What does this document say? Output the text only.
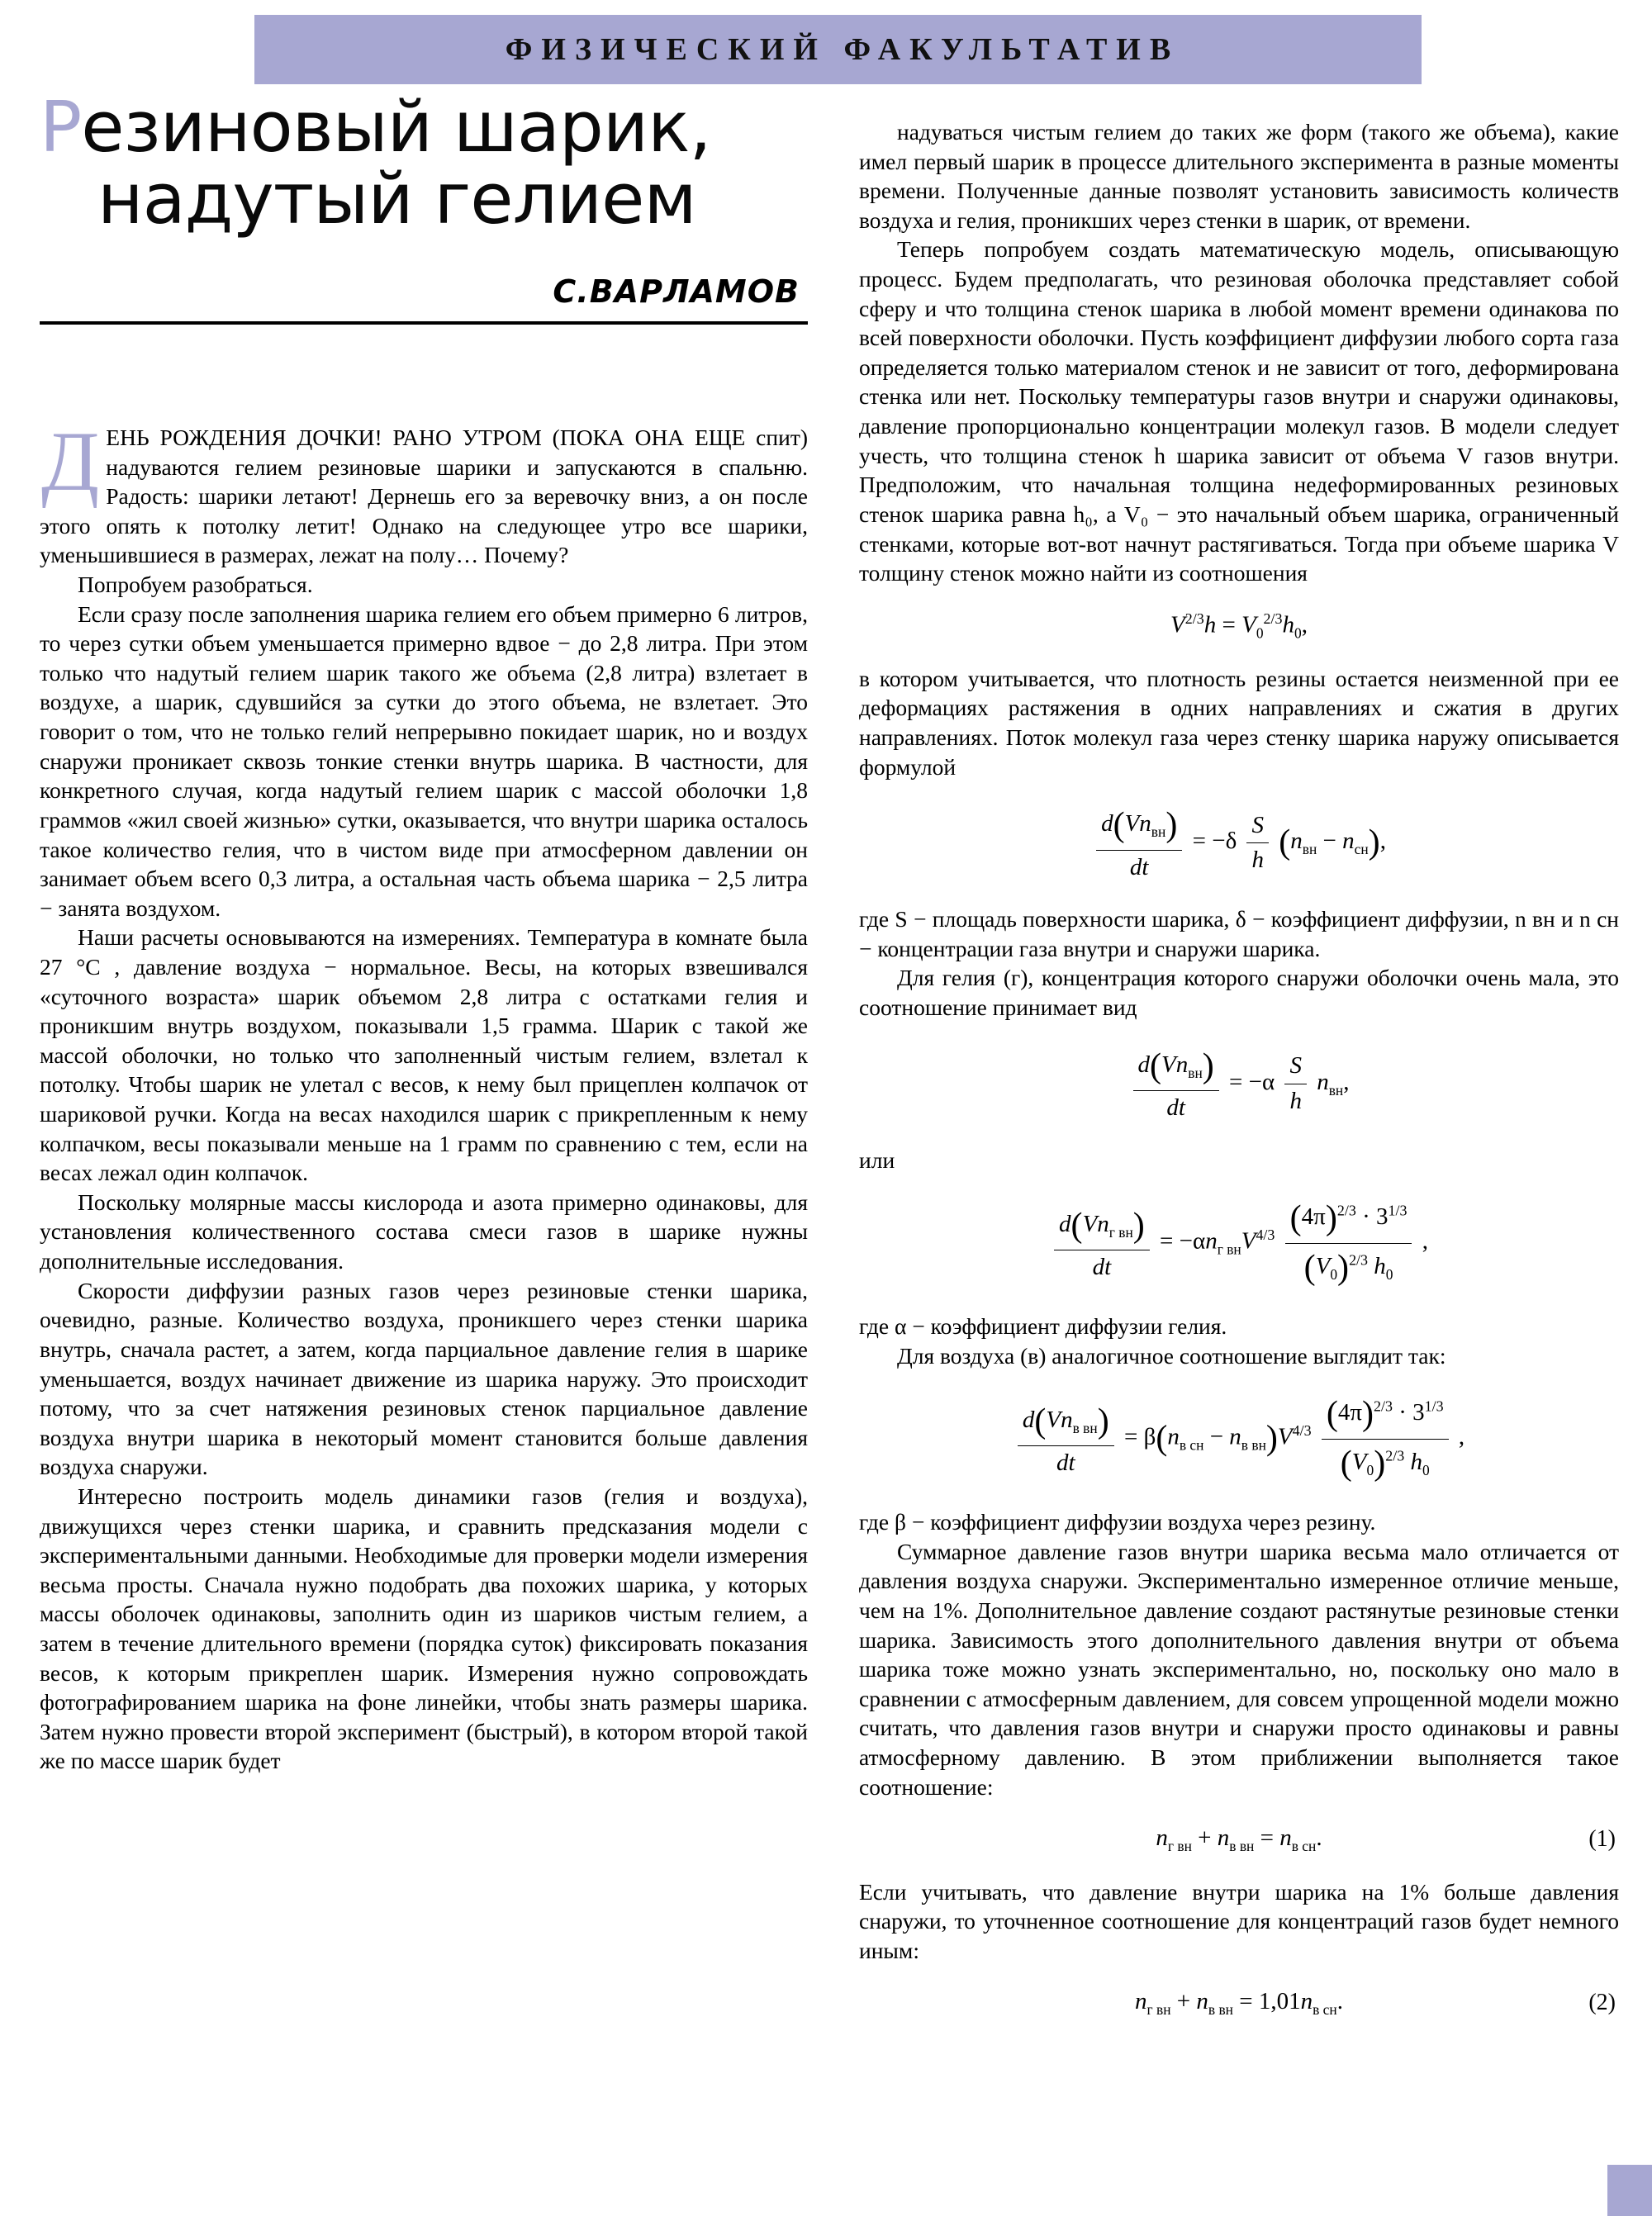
ФИЗИЧЕСКИЙ ФАКУЛЬТАТИВ
Резиновый шарик,
надутый гелием
С.ВАРЛАМОВ

ДЕНЬ РОЖДЕНИЯ ДОЧКИ! РАНО УТРОМ (ПОКА ОНА ЕЩЕ спит) надуваются гелием резиновые шарики и запускаются в спальню. Радость: шарики летают! Дернешь его за веревочку вниз, а он после этого опять к потолку летит! Однако на следующее утро все шарики, уменьшившиеся в размерах, лежат на полу… Почему?

Попробуем разобраться.

Если сразу после заполнения шарика гелием его объем примерно 6 литров, то через сутки объем уменьшается примерно вдвое − до 2,8 литра. При этом только что надутый гелием шарик такого же объема (2,8 литра) взлетает в воздухе, а шарик, сдувшийся за сутки до этого объема, не взлетает. Это говорит о том, что не только гелий непрерывно покидает шарик, но и воздух снаружи проникает сквозь тонкие стенки внутрь шарика. В частности, для конкретного случая, когда надутый гелием шарик с массой оболочки 1,8 граммов «жил своей жизнью» сутки, оказывается, что внутри шарика осталось такое количество гелия, что в чистом виде при атмосферном давлении он занимает объем всего 0,3 литра, а остальная часть объема шарика − 2,5 литра − занята воздухом.

Наши расчеты основываются на измерениях. Температура в комнате была 27 °С , давление воздуха − нормальное. Весы, на которых взвешивался «суточного возраста» шарик объемом 2,8 литра с остатками гелия и проникшим внутрь воздухом, показывали 1,5 грамма. Шарик с такой же массой оболочки, но только что заполненный чистым гелием, взлетал к потолку. Чтобы шарик не улетал с весов, к нему был прицеплен колпачок от шариковой ручки. Когда на весах находился шарик с прикрепленным к нему колпачком, весы показывали меньше на 1 грамм по сравнению с тем, если на весах лежал один колпачок.

Поскольку молярные массы кислорода и азота примерно одинаковы, для установления количественного состава смеси газов в шарике нужны дополнительные исследования.

Скорости диффузии разных газов через резиновые стенки шарика, очевидно, разные. Количество воздуха, проникшего через стенки шарика внутрь, сначала растет, а затем, когда парциальное давление гелия в шарике уменьшается, воздух начинает движение из шарика наружу. Это происходит потому, что за счет натяжения резиновых стенок парциальное давление воздуха внутри шарика в некоторый момент становится больше давления воздуха снаружи.

Интересно построить модель динамики газов (гелия и воздуха), движущихся через стенки шарика, и сравнить предсказания модели с экспериментальными данными. Необходимые для проверки модели измерения весьма просты. Сначала нужно подобрать два похожих шарика, у которых массы оболочек одинаковы, заполнить один из шариков чистым гелием, а затем в течение длительного времени (порядка суток) фиксировать показания весов, к которым прикреплен шарик. Измерения нужно сопровождать фотографированием шарика на фоне линейки, чтобы знать размеры шарика. Затем нужно провести второй эксперимент (быстрый), в котором второй такой же по массе шарик будет

надуваться чистым гелием до таких же форм (такого же объема), какие имел первый шарик в процессе длительного эксперимента в разные моменты времени. Полученные данные позволят установить зависимость количеств воздуха и гелия, проникших через стенки в шарик, от времени.

Теперь попробуем создать математическую модель, описывающую процесс. Будем предполагать, что резиновая оболочка представляет собой сферу и что толщина стенок шарика в любой момент времени одинакова по всей поверхности оболочки. Пусть коэффициент диффузии любого сорта газа определяется только материалом стенок и не зависит от того, деформирована стенка или нет. Поскольку температуры газов внутри и снаружи одинаковы, давление пропорционально концентрации молекул газов. В модели следует учесть, что толщина стенок h шарика зависит от объема V газов внутри. Предположим, что начальная толщина недеформированных резиновых стенок шарика равна h₀, а V₀ − это начальный объем шарика, ограниченный стенками, которые вот-вот начнут растягиваться. Тогда при объеме шарика V толщину стенок можно найти из соотношения

$V^{2/3}h = V_0^{2/3}h_0$,

в котором учитывается, что плотность резины остается неизменной при ее деформациях растяжения в одних направлениях и сжатия в других направлениях. Поток молекул газа через стенку шарика наружу описывается формулой

$\frac{d(Vn_{вн})}{dt} = -\delta \frac{S}{h} (n_{вн} - n_{сн})$,

где S − площадь поверхности шарика, δ − коэффициент диффузии, n вн и n сн − концентрации газа внутри и снаружи шарика.

Для гелия (г), концентрация которого снаружи оболочки очень мала, это соотношение принимает вид

$\frac{d(Vn_{вн})}{dt} = -\alpha \frac{S}{h} n_{вн}$,

или

$\frac{d(Vn_{г вн})}{dt} = -\alpha n_{г вн}V^{4/3} \frac{(4\pi)^{2/3} \cdot 3^{1/3}}{(V_0)^{2/3} h_0}$ ,

где α − коэффициент диффузии гелия.

Для воздуха (в) аналогичное соотношение выглядит так:

$\frac{d(Vn_{в вн})}{dt} = \beta(n_{в сн} - n_{в вн})V^{4/3} \frac{(4\pi)^{2/3} \cdot 3^{1/3}}{(V_0)^{2/3} h_0}$ ,

где β − коэффициент диффузии воздуха через резину.

Суммарное давление газов внутри шарика весьма мало отличается от давления воздуха снаружи. Экспериментально измеренное отличие меньше, чем на 1%. Дополнительное давление создают растянутые резиновые стенки шарика. Зависимость этого дополнительного давления внутри от объема шарика тоже можно узнать экспериментально, но, поскольку оно мало в сравнении с атмосферным давлением, для совсем упрощенной модели можно считать, что давления газов внутри и снаружи просто одинаковы и равны атмосферному давлению. В этом приближении выполняется такое соотношение:

$n_{г вн} + n_{в вн} = n_{в сн}$.	(1)

Если учитывать, что давление внутри шарика на 1% больше давления снаружи, то уточненное соотношение для концентраций газов будет немного иным:

$n_{г вн} + n_{в вн} = 1,01n_{в сн}$.	(2)
